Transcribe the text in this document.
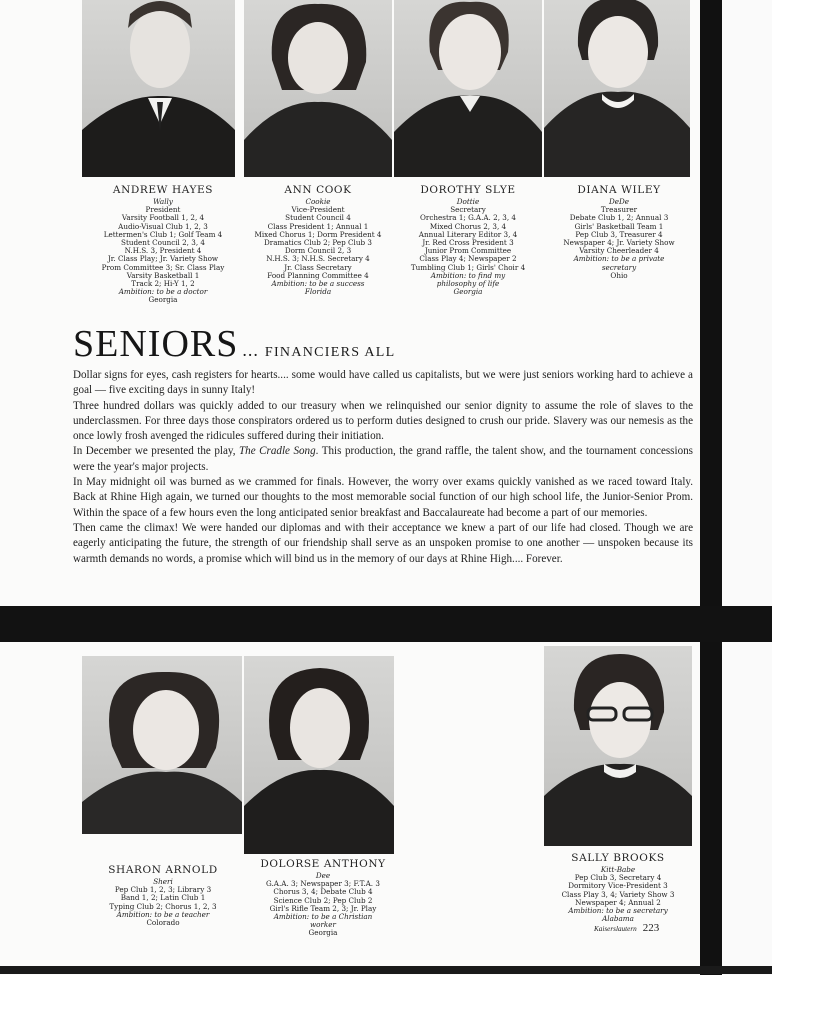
ANDREW HAYES
Wally
President
Varsity Football 1, 2, 4
Audio-Visual Club 1, 2, 3
Lettermen's Club 1; Golf Team 4
Student Council 2, 3, 4
N.H.S. 3, President 4
Jr. Class Play; Jr. Variety Show
Prom Committee 3; Sr. Class Play
Varsity Basketball 1
Track 2; Hi-Y 1, 2
Ambition: to be a doctor
Georgia
ANN COOK
Cookie
Vice-President
Student Council 4
Class President 1; Annual 1
Mixed Chorus 1; Dorm President 4
Dramatics Club 2; Pep Club 3
Dorm Council 2, 3
N.H.S. 3; N.H.S. Secretary 4
Jr. Class Secretary
Food Planning Committee 4
Ambition: to be a success
Florida
DOROTHY SLYE
Dottie
Secretary
Orchestra 1; G.A.A. 2, 3, 4
Mixed Chorus 2, 3, 4
Annual Literary Editor 3, 4
Jr. Red Cross President 3
Junior Prom Committee
Class Play 4; Newspaper 2
Tumbling Club 1; Girls' Choir 4
Ambition: to find my philosophy of life
Georgia
DIANA WILEY
DeDe
Treasurer
Debate Club 1, 2; Annual 3
Girls' Basketball Team 1
Pep Club 3, Treasurer 4
Newspaper 4; Jr. Variety Show
Varsity Cheerleader 4
Ambition: to be a private secretary
Ohio
SENIORS ... FINANCIERS ALL

Dollar signs for eyes, cash registers for hearts.... some would have called us capitalists, but we were just seniors working hard to achieve a goal — five exciting days in sunny Italy!

Three hundred dollars was quickly added to our treasury when we relinquished our senior dignity to assume the role of slaves to the underclassmen. For three days those conspirators ordered us to perform duties designed to crush our pride. Slavery was our nemesis as the once lowly frosh avenged the ridicules suffered during their initiation.

In December we presented the play, The Cradle Song. This production, the grand raffle, the talent show, and the tournament concessions were the year's major projects.

In May midnight oil was burned as we crammed for finals. However, the worry over exams quickly vanished as we raced toward Italy. Back at Rhine High again, we turned our thoughts to the most memorable social function of our high school life, the Junior-Senior Prom. Within the space of a few hours even the long anticipated senior breakfast and Baccalaureate had become a part of our memories.

Then came the climax! We were handed our diplomas and with their acceptance we knew a part of our life had closed. Though we are eagerly anticipating the future, the strength of our friendship shall serve as an unspoken promise to one another — unspoken because its warmth demands no words, a promise which will bind us in the memory of our days at Rhine High.... Forever.

SHARON ARNOLD
Sheri
Pep Club 1, 2, 3; Library 3
Band 1, 2; Latin Club 1
Typing Club 2; Chorus 1, 2, 3
Ambition: to be a teacher
Colorado
DOLORSE ANTHONY
Dee
G.A.A. 3; Newspaper 3; F.T.A. 3
Chorus 3, 4; Debate Club 4
Science Club 2; Pep Club 2
Girl's Rifle Team 2, 3; Jr. Play
Ambition: to be a Christian worker
Georgia
SALLY BROOKS
Kitt-Babe
Pep Club 3, Secretary 4
Dormitory Vice-President 3
Class Play 3, 4; Variety Show 3
Newspaper 4; Annual 2
Ambition: to be a secretary
Alabama
Kaiserslautern 223
